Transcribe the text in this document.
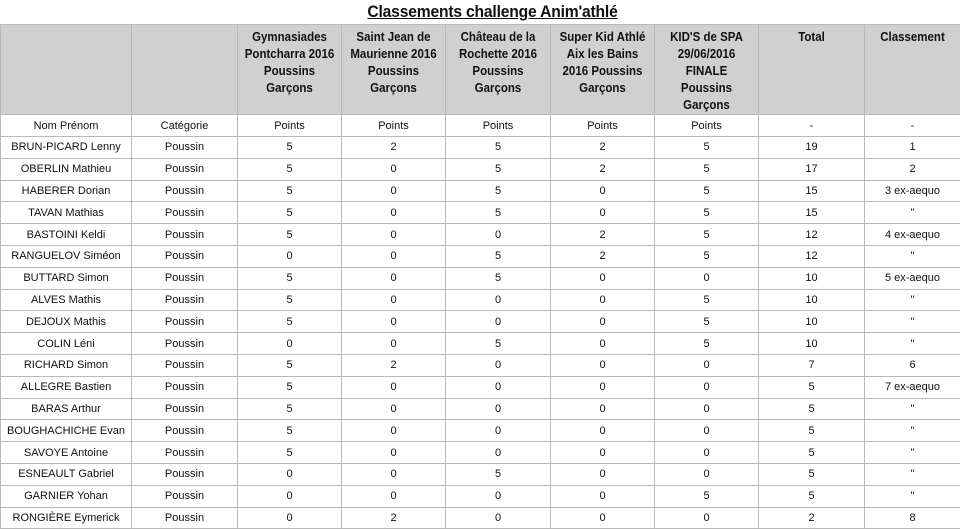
Classements challenge Anim'athlé

		Gymnasiades Pontcharra 2016 Poussins Garçons	Saint Jean de Maurienne 2016 Poussins Garçons	Château de la Rochette 2016 Poussins Garçons	Super Kid Athlé Aix les Bains 2016 Poussins Garçons	KID'S de SPA 29/06/2016 FINALE Poussins Garçons	Total	Classement

Nom Prénom	Catégorie	Points	Points	Points	Points	Points	-	-
BRUN-PICARD Lenny	Poussin	5	2	5	2	5	19	1
OBERLIN Mathieu	Poussin	5	0	5	2	5	17	2
HABERER Dorian	Poussin	5	0	5	0	5	15	3 ex-aequo
TAVAN Mathias	Poussin	5	0	5	0	5	15	"
BASTOINI Keldi	Poussin	5	0	0	2	5	12	4 ex-aequo
RANGUELOV Siméon	Poussin	0	0	5	2	5	12	"
BUTTARD Simon	Poussin	5	0	5	0	0	10	5 ex-aequo
ALVES Mathis	Poussin	5	0	0	0	5	10	"
DEJOUX Mathis	Poussin	5	0	0	0	5	10	"
COLIN Léni	Poussin	0	0	5	0	5	10	"
RICHARD Simon	Poussin	5	2	0	0	0	7	6
ALLEGRE Bastien	Poussin	5	0	0	0	0	5	7 ex-aequo
BARAS Arthur	Poussin	5	0	0	0	0	5	"
BOUGHACHICHE Evan	Poussin	5	0	0	0	0	5	"
SAVOYE Antoine	Poussin	5	0	0	0	0	5	"
ESNEAULT Gabriel	Poussin	0	0	5	0	0	5	"
GARNIER Yohan	Poussin	0	0	0	0	5	5	"
RONGIÈRE Eymerick	Poussin	0	2	0	0	0	2	8
